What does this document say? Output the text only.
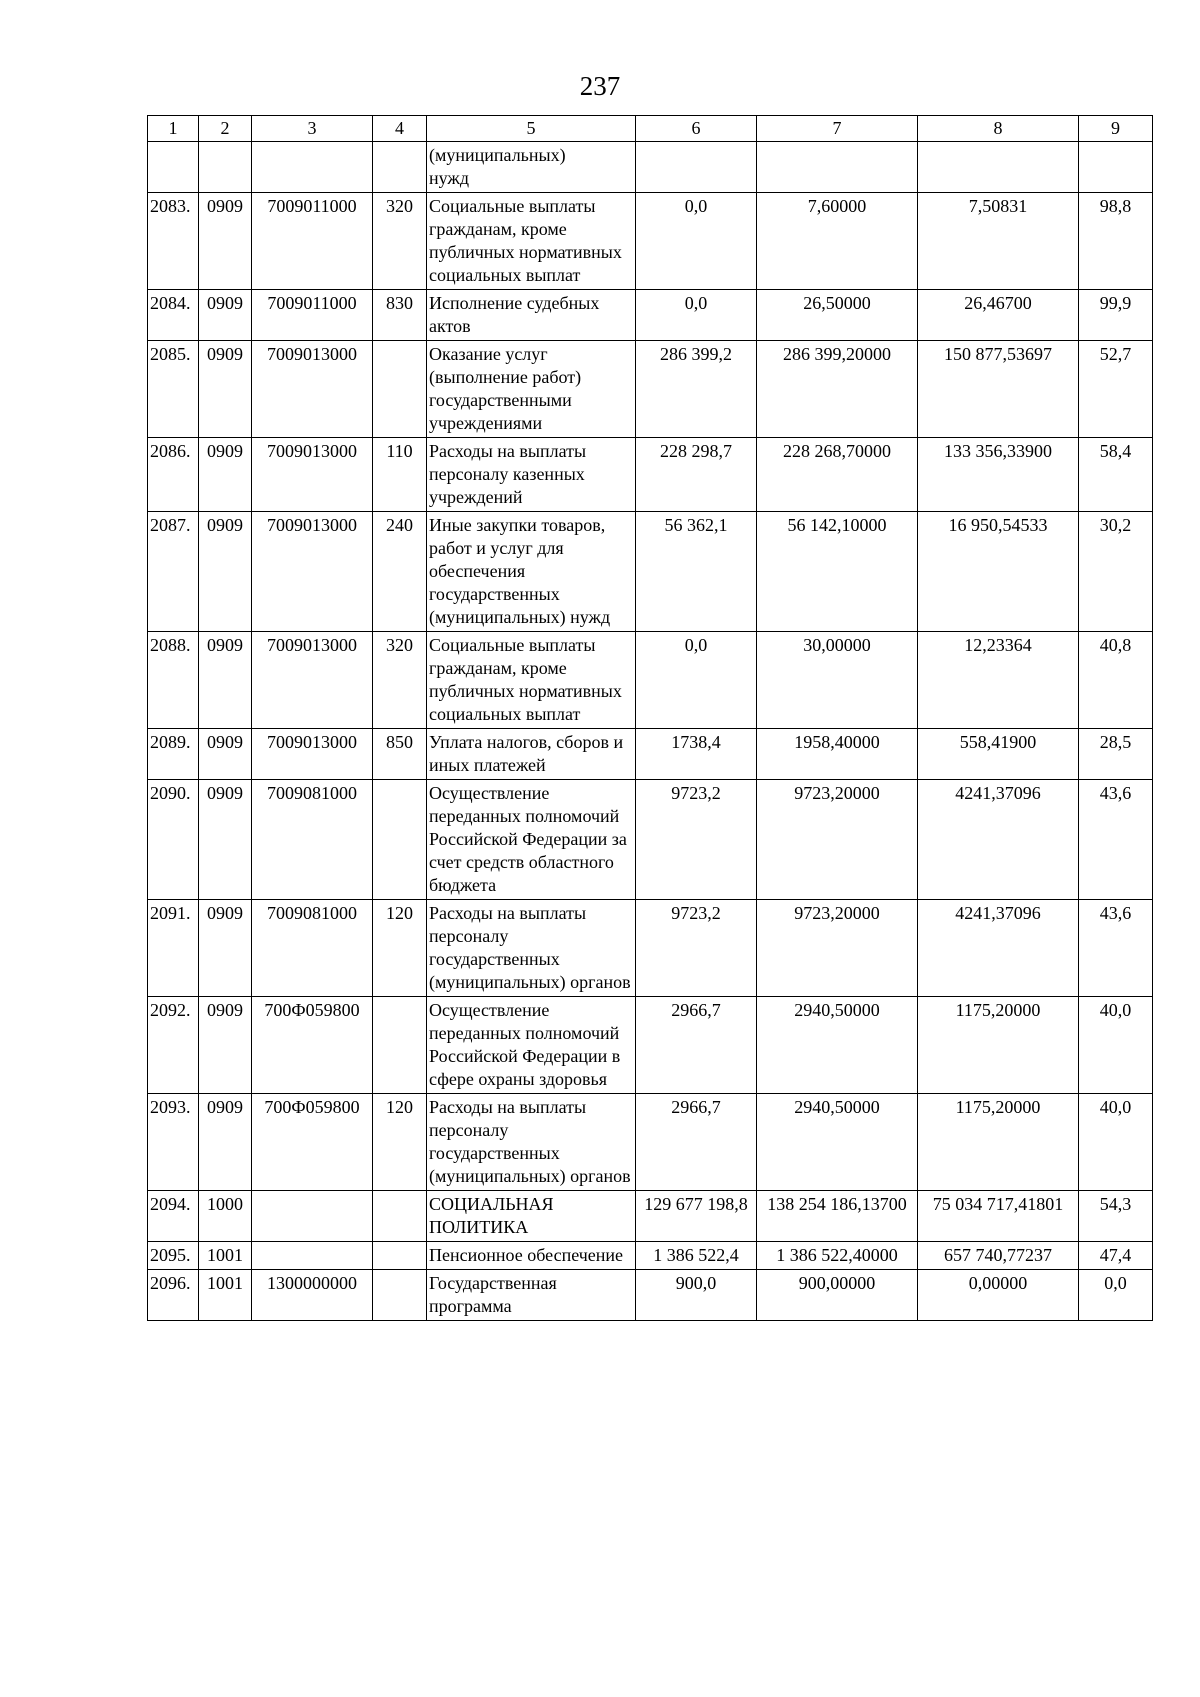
237
1	2	3	4	5	6	7	8	9
				(муниципальных)
нужд				
2083.	0909	7009011000	320	Социальные выплаты гражданам, кроме публичных нормативных социальных выплат	0,0	7,60000	7,50831	98,8
2084.	0909	7009011000	830	Исполнение судебных актов	0,0	26,50000	26,46700	99,9
2085.	0909	7009013000		Оказание услуг (выполнение работ) государственными учреждениями	286 399,2	286 399,20000	150 877,53697	52,7
2086.	0909	7009013000	110	Расходы на выплаты персоналу казенных учреждений	228 298,7	228 268,70000	133 356,33900	58,4
2087.	0909	7009013000	240	Иные закупки товаров, работ и услуг для обеспечения государственных (муниципальных) нужд	56 362,1	56 142,10000	16 950,54533	30,2
2088.	0909	7009013000	320	Социальные выплаты гражданам, кроме публичных нормативных социальных выплат	0,0	30,00000	12,23364	40,8
2089.	0909	7009013000	850	Уплата налогов, сборов и иных платежей	1738,4	1958,40000	558,41900	28,5
2090.	0909	7009081000		Осуществление переданных полномочий Российской Федерации за счет средств областного бюджета	9723,2	9723,20000	4241,37096	43,6
2091.	0909	7009081000	120	Расходы на выплаты персоналу государственных (муниципальных) органов	9723,2	9723,20000	4241,37096	43,6
2092.	0909	700Ф059800		Осуществление переданных полномочий Российской Федерации в сфере охраны здоровья	2966,7	2940,50000	1175,20000	40,0
2093.	0909	700Ф059800	120	Расходы на выплаты персоналу государственных (муниципальных) органов	2966,7	2940,50000	1175,20000	40,0
2094.	1000			СОЦИАЛЬНАЯ ПОЛИТИКА	129 677 198,8	138 254 186,13700	75 034 717,41801	54,3
2095.	1001			Пенсионное обеспечение	1 386 522,4	1 386 522,40000	657 740,77237	47,4
2096.	1001	1300000000		Государственная программа	900,0	900,00000	0,00000	0,0
